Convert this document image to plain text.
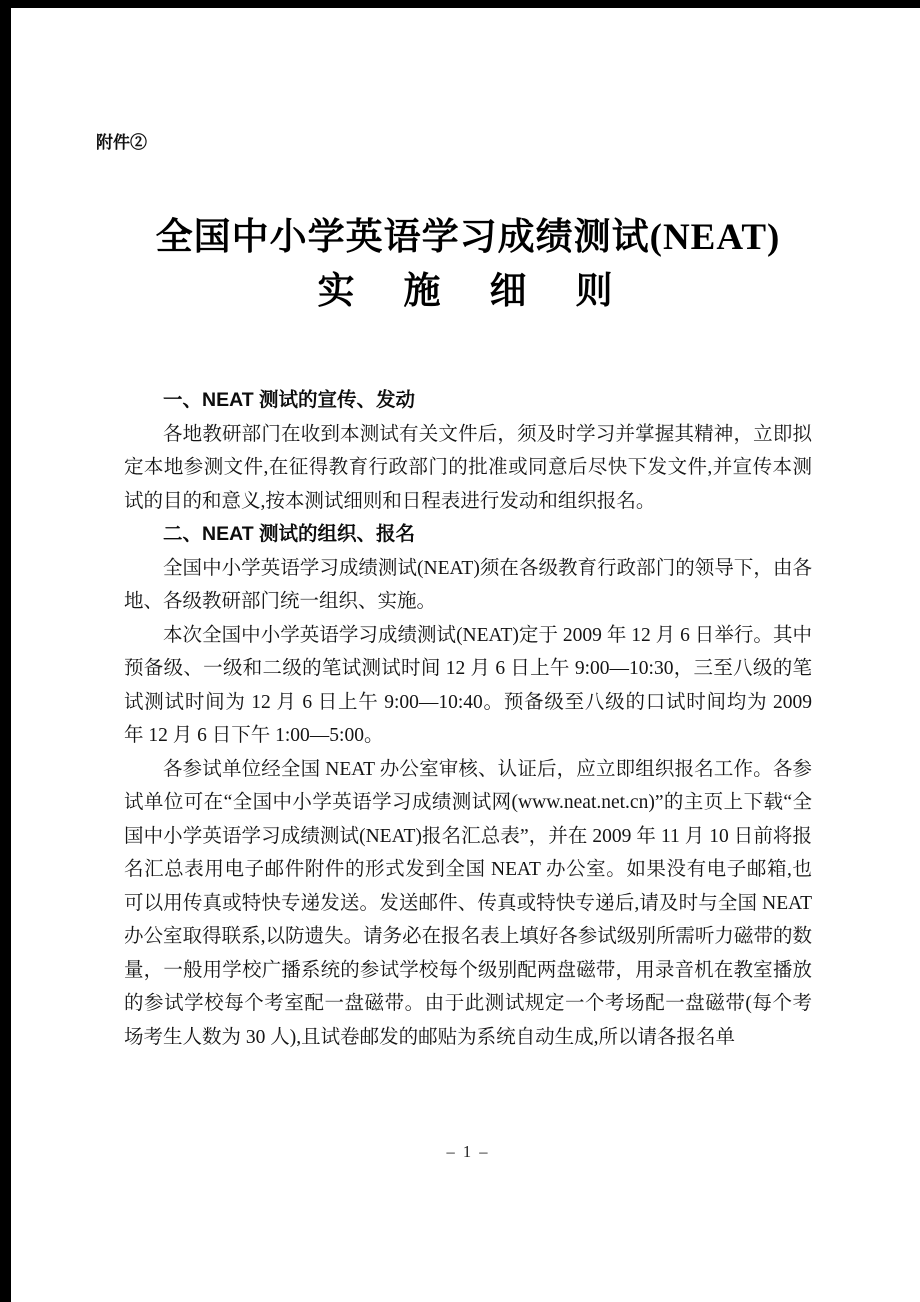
附件②
全国中小学英语学习成绩测试(NEAT)
实　施　细　则
一、NEAT 测试的宣传、发动

各地教研部门在收到本测试有关文件后，须及时学习并掌握其精神，立即拟定本地参测文件,在征得教育行政部门的批准或同意后尽快下发文件,并宣传本测试的目的和意义,按本测试细则和日程表进行发动和组织报名。

二、NEAT 测试的组织、报名

全国中小学英语学习成绩测试(NEAT)须在各级教育行政部门的领导下，由各地、各级教研部门统一组织、实施。

本次全国中小学英语学习成绩测试(NEAT)定于 2009 年 12 月 6 日举行。其中预备级、一级和二级的笔试测试时间 12 月 6 日上午 9:00—10:30，三至八级的笔试测试时间为 12 月 6 日上午 9:00—10:40。预备级至八级的口试时间均为 2009 年 12 月 6 日下午 1:00—5:00。

各参试单位经全国 NEAT 办公室审核、认证后，应立即组织报名工作。各参试单位可在“全国中小学英语学习成绩测试网(www.neat.net.cn)”的主页上下载“全国中小学英语学习成绩测试(NEAT)报名汇总表”，并在 2009 年 11 月 10 日前将报名汇总表用电子邮件附件的形式发到全国 NEAT 办公室。如果没有电子邮箱,也可以用传真或特快专递发送。发送邮件、传真或特快专递后,请及时与全国 NEAT 办公室取得联系,以防遗失。请务必在报名表上填好各参试级别所需听力磁带的数量，一般用学校广播系统的参试学校每个级别配两盘磁带，用录音机在教室播放的参试学校每个考室配一盘磁带。由于此测试规定一个考场配一盘磁带(每个考场考生人数为 30 人),且试卷邮发的邮贴为系统自动生成,所以请各报名单

– 1 –
